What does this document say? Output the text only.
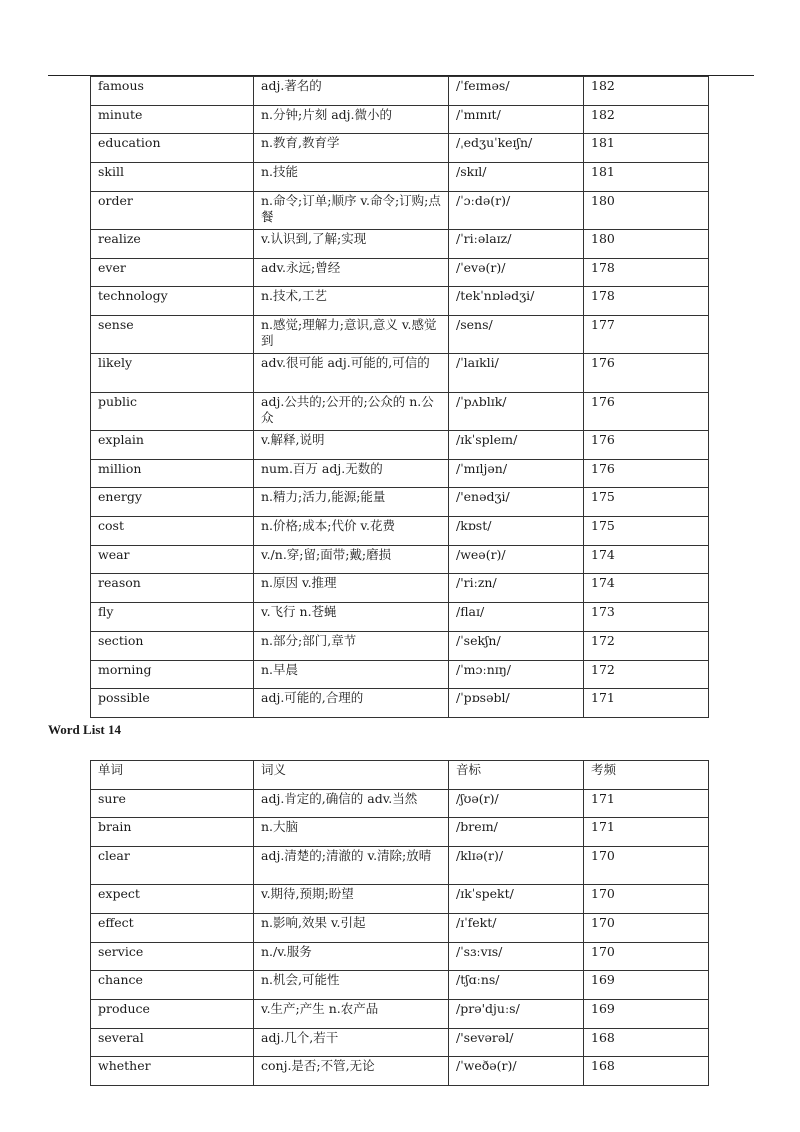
famous	adj.著名的	/ˈfeɪməs/	182
minute	n.分钟;片刻 adj.微小的	/ˈmɪnɪt/	182
education	n.教育,教育学	/ˌedʒuˈkeɪʃn/	181
skill	n.技能	/skɪl/	181
order	n.命令;订单;顺序 v.命令;订购;点餐	/ˈɔːdə(r)/	180
realize	v.认识到,了解;实现	/ˈriːəlaɪz/	180
ever	adv.永远;曾经	/ˈevə(r)/	178
technology	n.技术,工艺	/tekˈnɒlədʒi/	178
sense	n.感觉;理解力;意识,意义 v.感觉到	/sens/	177
likely	adv.很可能 adj.可能的,可信的	/ˈlaɪkli/	176
public	adj.公共的;公开的;公众的 n.公众	/ˈpʌblɪk/	176
explain	v.解释,说明	/ɪkˈspleɪn/	176
million	num.百万 adj.无数的	/ˈmɪljən/	176
energy	n.精力;活力,能源;能量	/'enədʒi/	175
cost	n.价格;成本;代价 v.花费	/kɒst/	175
wear	v./n.穿;留;面带;戴;磨损	/weə(r)/	174
reason	n.原因 v.推理	/'riːzn/	174
fly	v.飞行 n.苍蝇	/flaɪ/	173
section	n.部分;部门,章节	/ˈsekʃn/	172
morning	n.早晨	/ˈmɔːnɪŋ/	172
possible	adj.可能的,合理的	/ˈpɒsəbl/	171
Word List 14
单词	词义	音标	考频
sure	adj.肯定的,确信的 adv.当然	/ʃʊə(r)/	171
brain	n.大脑	/breɪn/	171
clear	adj.清楚的;清澈的 v.清除;放晴	/klɪə(r)/	170
expect	v.期待,预期;盼望	/ɪkˈspekt/	170
effect	n.影响,效果 v.引起	/ɪˈfekt/	170
service	n./v.服务	/ˈsɜːvɪs/	170
chance	n.机会,可能性	/tʃɑːns/	169
produce	v.生产;产生 n.农产品	/prə'djuːs/	169
several	adj.几个,若干	/'sevərəl/	168
whether	conj.是否;不管,无论	/ˈweðə(r)/	168
